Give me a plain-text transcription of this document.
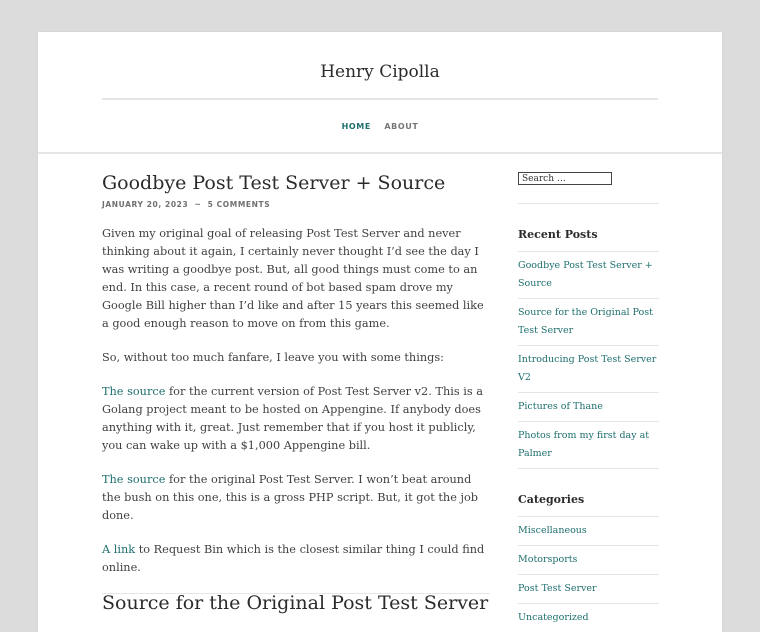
Henry Cipolla
HOME ABOUT
Goodbye Post Test Server + Source
JANUARY 20, 2023 ~ 5 COMMENTS

Given my original goal of releasing Post Test Server and never thinking about it again, I certainly never thought I’d see the day I was writing a goodbye post. But, all good things must come to an end. In this case, a recent round of bot based spam drove my Google Bill higher than I’d like and after 15 years this seemed like a good enough reason to move on from this game.

So, without too much fanfare, I leave you with some things:

The source for the current version of Post Test Server v2. This is a Golang project meant to be hosted on Appengine. If anybody does anything with it, great. Just remember that if you host it publicly, you can wake up with a $1,000 Appengine bill.

The source for the original Post Test Server. I won’t beat around the bush on this one, this is a gross PHP script. But, it got the job done.

A link to Request Bin which is the closest similar thing I could find online.

Source for the Original Post Test Server
Search …
Recent Posts
Goodbye Post Test Server + Source
Source for the Original Post Test Server
Introducing Post Test Server V2
Pictures of Thane
Photos from my first day at Palmer
Categories
Miscellaneous
Motorsports
Post Test Server
Uncategorized
